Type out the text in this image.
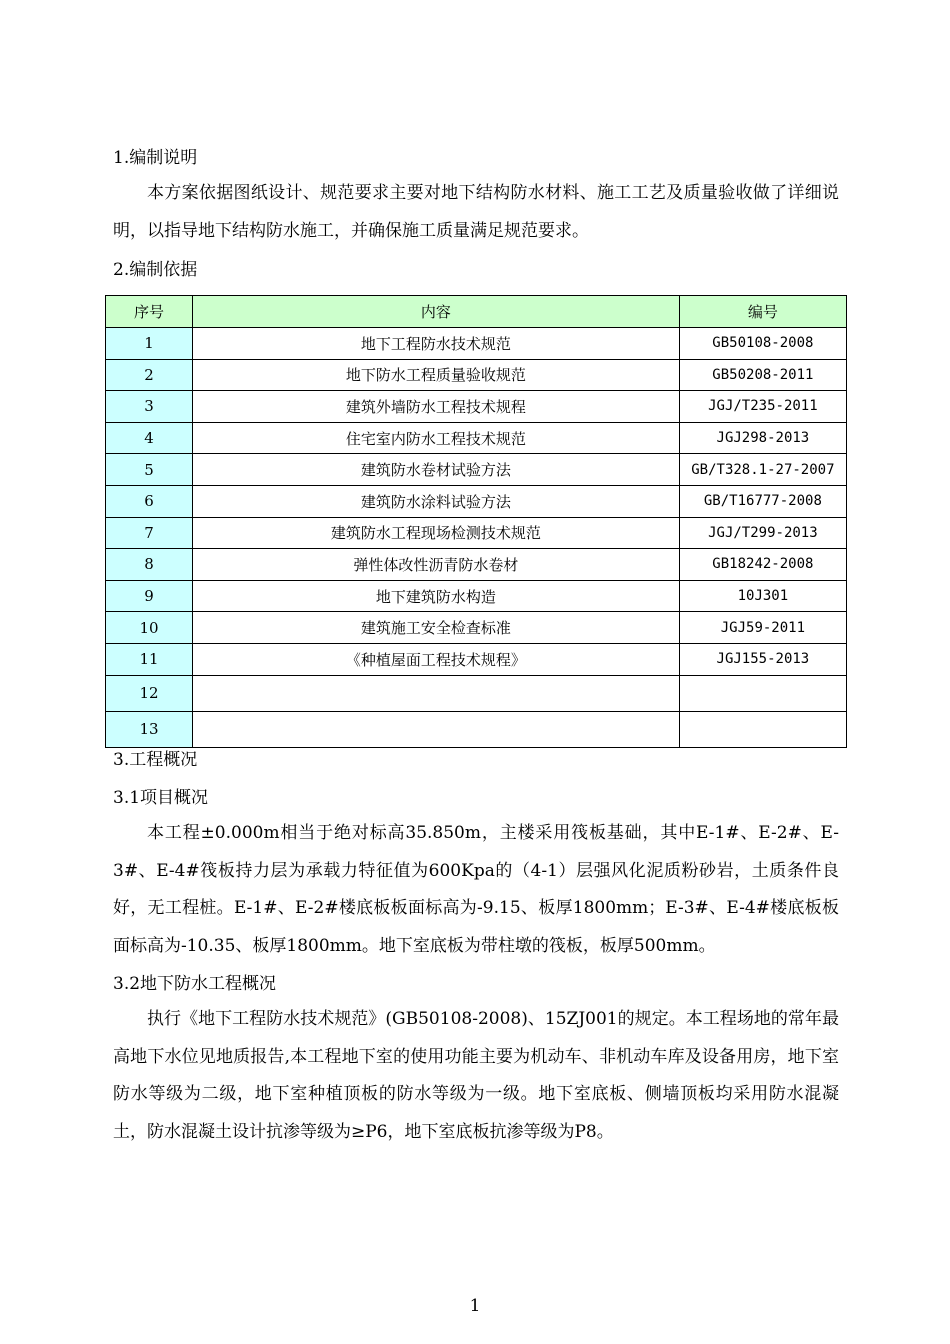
1.编制说明

本方案依据图纸设计、规范要求主要对地下结构防水材料、施工工艺及质量验收做了详细说明，以指导地下结构防水施工，并确保施工质量满足规范要求。

2.编制依据
序号	内容	编号
1	地下工程防水技术规范	GB50108-2008
2	地下防水工程质量验收规范	GB50208-2011
3	建筑外墙防水工程技术规程	JGJ/T235-2011
4	住宅室内防水工程技术规范	JGJ298-2013
5	建筑防水卷材试验方法	GB/T328.1-27-2007
6	建筑防水涂料试验方法	GB/T16777-2008
7	建筑防水工程现场检测技术规范	JGJ/T299-2013
8	弹性体改性沥青防水卷材	GB18242-2008
9	地下建筑防水构造	10J301
10	建筑施工安全检查标准	JGJ59-2011
11	《种植屋面工程技术规程》	JGJ155-2013
12		
13		
3.工程概况
3.1项目概况

本工程±0.000m相当于绝对标高35.850m，主楼采用筏板基础，其中E-1#、E-2#、E-3#、E-4#筏板持力层为承载力特征值为600Kpa的（4-1）层强风化泥质粉砂岩，土质条件良好，无工程桩。E-1#、E-2#楼底板板面标高为-9.15、板厚1800mm；E-3#、E-4#楼底板板面标高为-10.35、板厚1800mm。地下室底板为带柱墩的筏板，板厚500mm。

3.2地下防水工程概况

执行《地下工程防水技术规范》(GB50108-2008)、15ZJ001的规定。本工程场地的常年最高地下水位见地质报告,本工程地下室的使用功能主要为机动车、非机动车库及设备用房，地下室防水等级为二级，地下室种植顶板的防水等级为一级。地下室底板、侧墙顶板均采用防水混凝土，防水混凝土设计抗渗等级为≥P6，地下室底板抗渗等级为P8。

1
